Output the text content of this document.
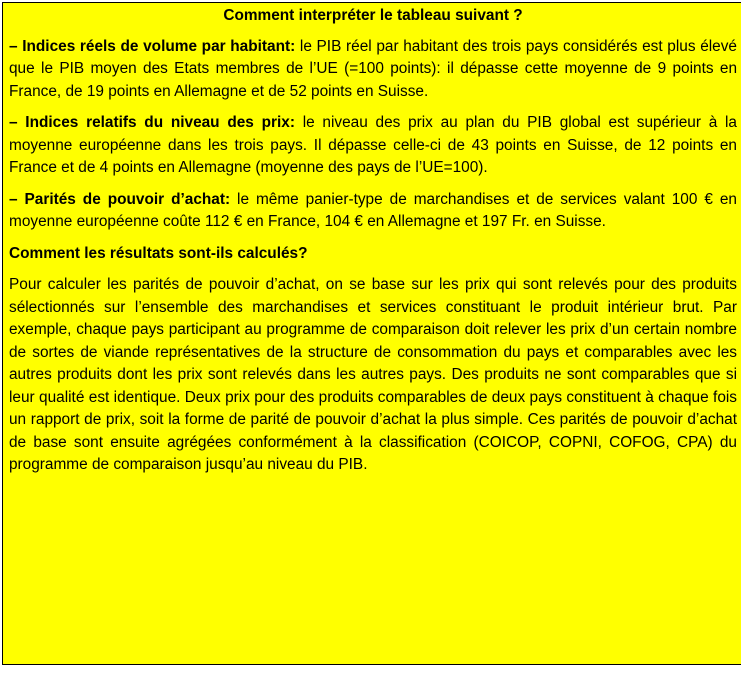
Comment interpréter le tableau suivant ?
– Indices réels de volume par habitant: le PIB réel par habitant des trois pays considérés est plus élevé que le PIB moyen des Etats membres de l’UE (=100 points): il dépasse cette moyenne de 9 points en France, de 19 points en Allemagne et de 52 points en Suisse.
– Indices relatifs du niveau des prix: le niveau des prix au plan du PIB global est supérieur à la moyenne européenne dans les trois pays. Il dépasse celle-ci de 43 points en Suisse, de 12 points en France et de 4 points en Allemagne (moyenne des pays de l’UE=100).
– Parités de pouvoir d’achat: le même panier-type de marchandises et de services valant 100 € en moyenne européenne coûte 112 € en France, 104 € en Allemagne et 197 Fr. en Suisse.
Comment les résultats sont-ils calculés?
Pour calculer les parités de pouvoir d’achat, on se base sur les prix qui sont relevés pour des produits sélectionnés sur l’ensemble des marchandises et services constituant le produit intérieur brut. Par exemple, chaque pays participant au programme de comparaison doit relever les prix d’un certain nombre de sortes de viande représentatives de la structure de consommation du pays et comparables avec les autres produits dont les prix sont relevés dans les autres pays. Des produits ne sont comparables que si leur qualité est identique. Deux prix pour des produits comparables de deux pays constituent à chaque fois un rapport de prix, soit la forme de parité de pouvoir d’achat la plus simple. Ces parités de pouvoir d’achat de base sont ensuite agrégées conformément à la classification (COICOP, COPNI, COFOG, CPA) du programme de comparaison jusqu’au niveau du PIB.
